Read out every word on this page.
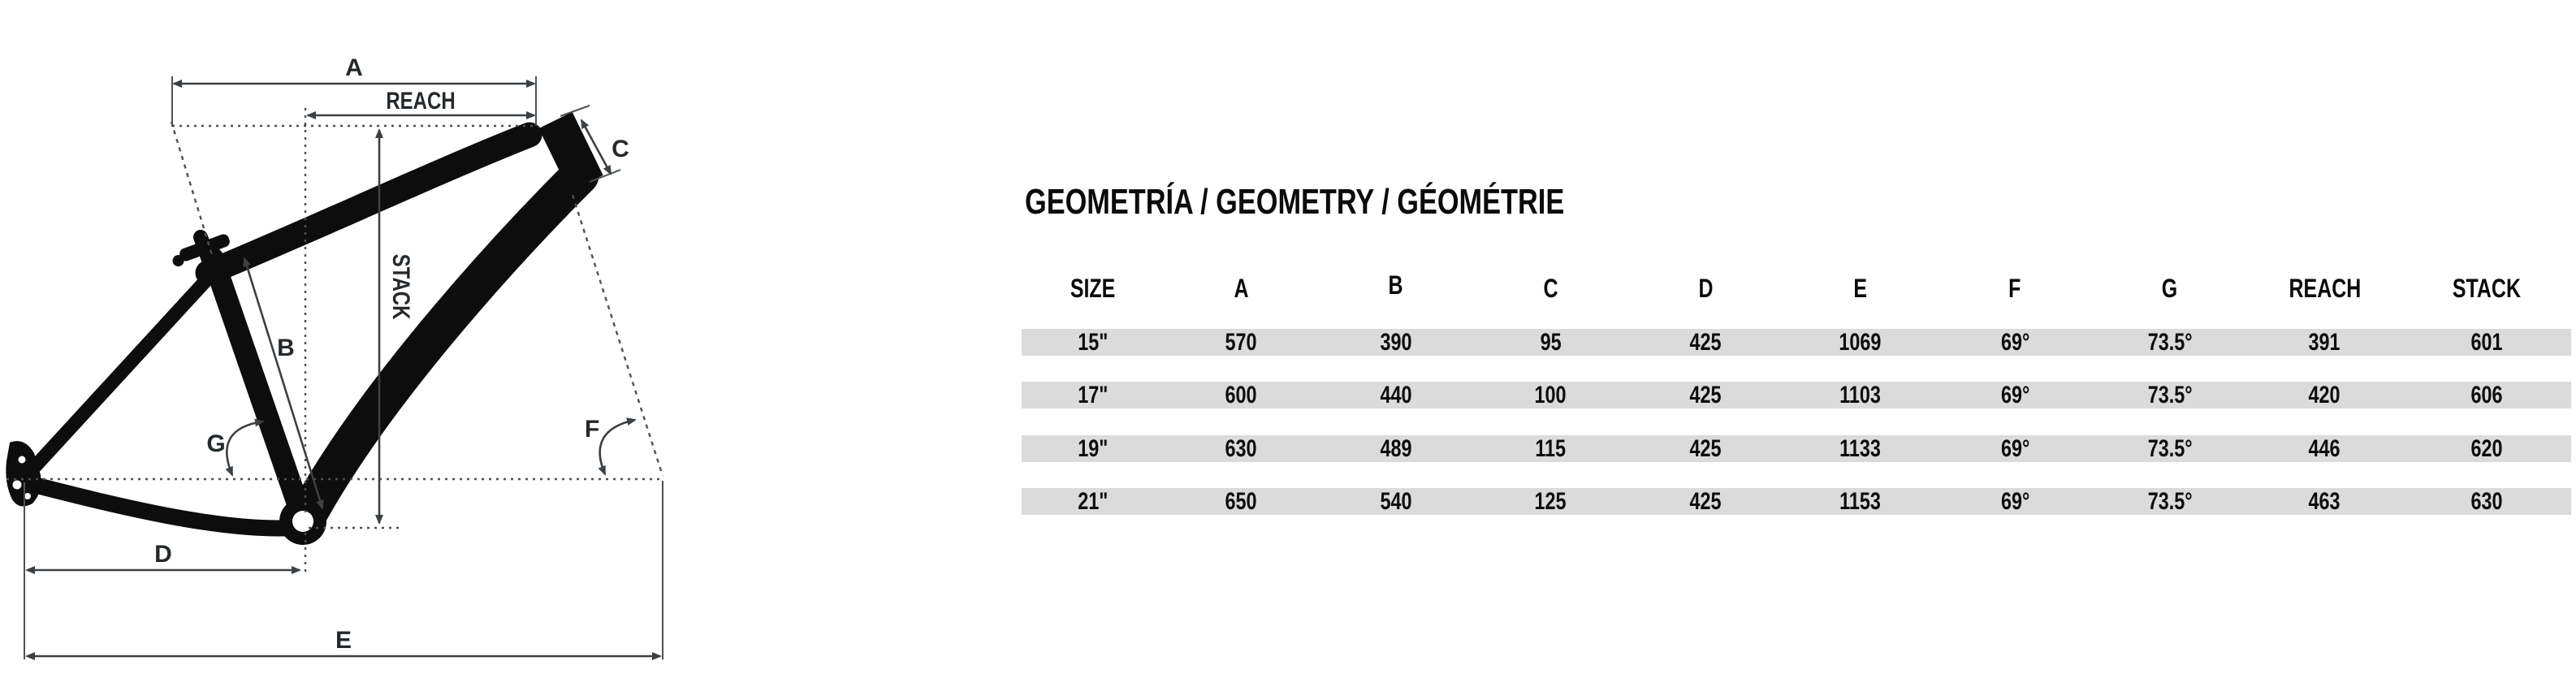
A
REACH
C
STACK
B
G
F
D
E
GEOMETRÍA / GEOMETRY / GÉOMÉTRIE
SIZE	A	B	C	D	E	F	G	REACH	STACK
15"	570	390	95	425	1069	69°	73.5°	391	601
17"	600	440	100	425	1103	69°	73.5°	420	606
19"	630	489	115	425	1133	69°	73.5°	446	620
21"	650	540	125	425	1153	69°	73.5°	463	630
